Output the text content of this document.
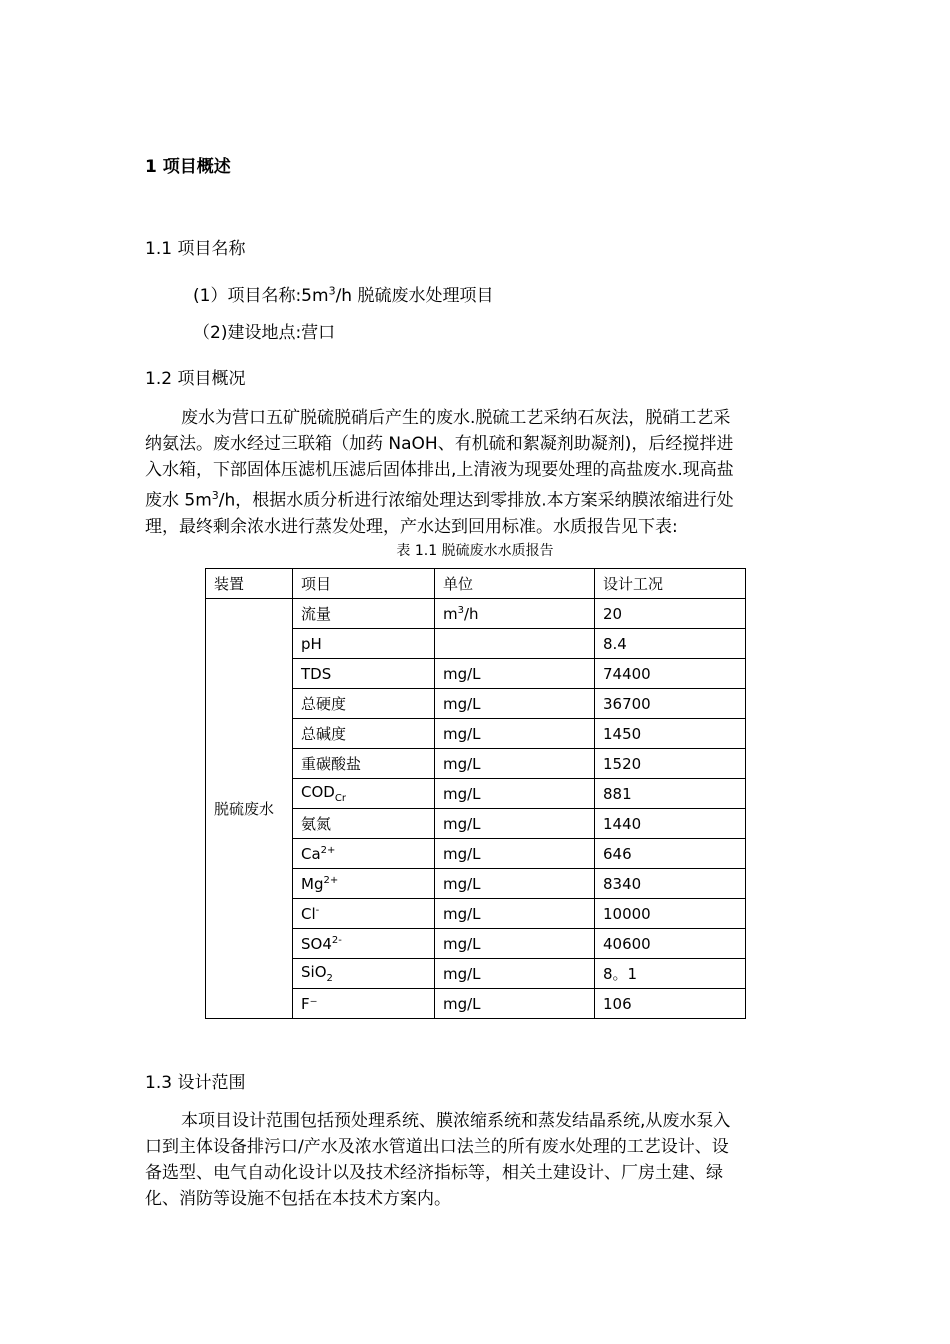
1 项目概述
1.1 项目名称
(1）项目名称$:5m^3/h$ 脱硫废水处理项目
（2)建设地点:营口
1.2 项目概况
废水为营口五矿脱硫脱硝后产生的废水.脱硫工艺采纳石灰法，脱硝工艺采
纳氨法。废水经过三联箱（加药 NaOH、有机硫和絮凝剂助凝剂)，后经搅拌进
入水箱，下部固体压滤机压滤后固体排出,上清液为现要处理的高盐废水.现高盐
废水 $5m^3/h$，根据水质分析进行浓缩处理达到零排放.本方案采纳膜浓缩进行处
理，最终剩余浓水进行蒸发处理，产水达到回用标准。水质报告见下表:
表 1.1 脱硫废水水质报告
装置	项目	单位	设计工况
脱硫废水	流量	$m^3/h$	20
	pH		8.4
	TDS	mg/L	74400
	总硬度	mg/L	36700
	总碱度	mg/L	1450
	重碳酸盐	mg/L	1520
	$COD_{Cr}$	mg/L	881
	氨氮	mg/L	1440
	$Ca^{2+}$	mg/L	646
	$Mg^{2+}$	mg/L	8340
	Cl-	mg/L	10000
	$SO4^{2-}$	mg/L	40600
	SiO$_2$	mg/L	8。1
	F⁻	mg/L	106
1.3 设计范围
本项目设计范围包括预处理系统、膜浓缩系统和蒸发结晶系统,从废水泵入
口到主体设备排污口/产水及浓水管道出口法兰的所有废水处理的工艺设计、设
备选型、电气自动化设计以及技术经济指标等，相关土建设计、厂房土建、绿
化、消防等设施不包括在本技术方案内。
